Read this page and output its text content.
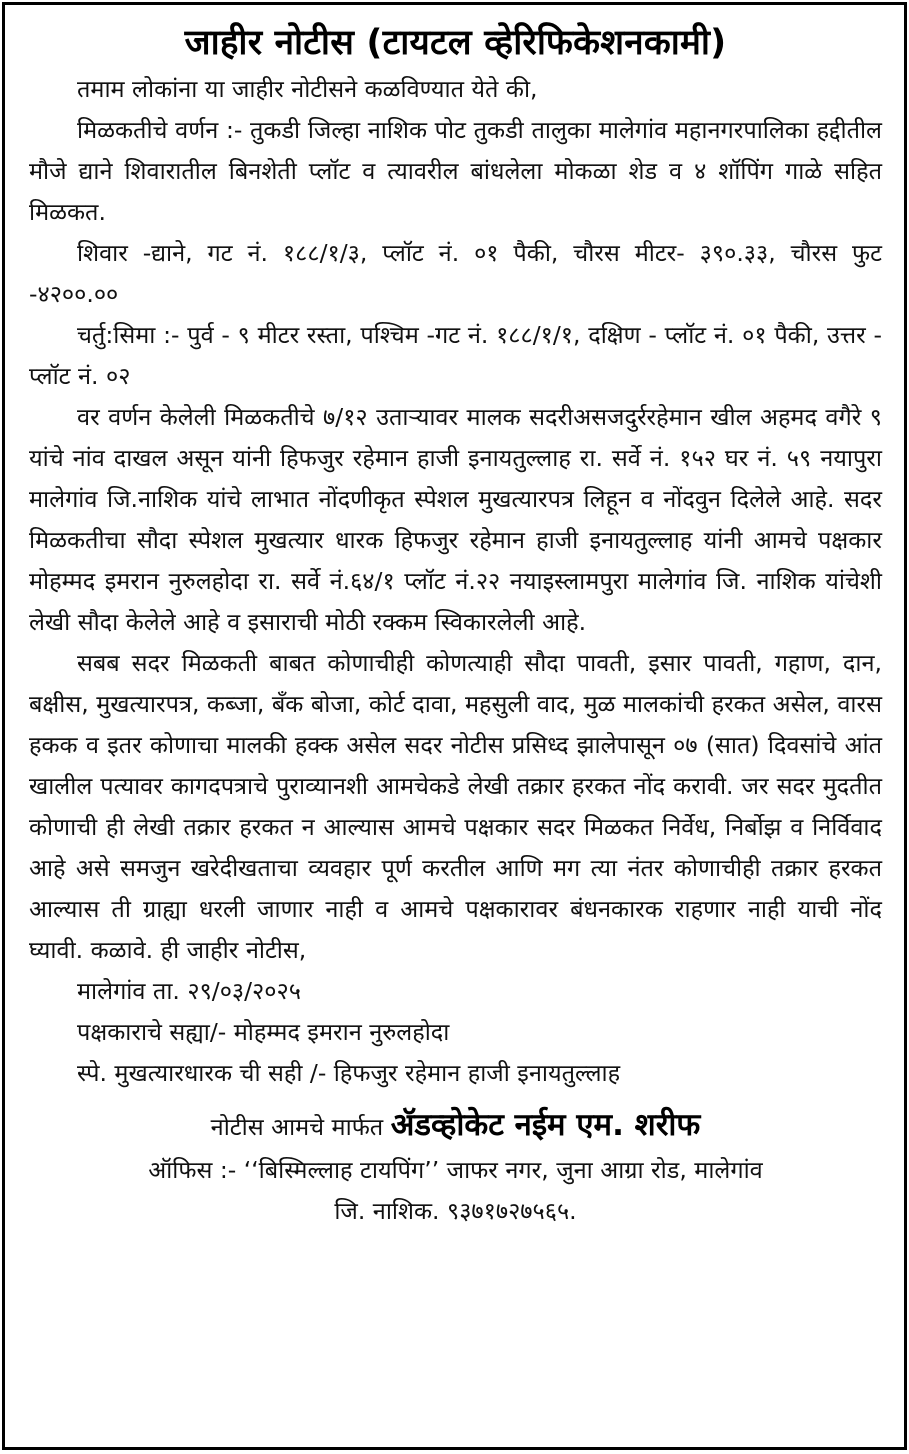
जाहीर नोटीस (टायटल व्हेरिफिकेशनकामी)

तमाम लोकांना या जाहीर नोटीसने कळविण्यात येते की,

मिळकतीचे वर्णन :- तुकडी जिल्हा नाशिक पोट तुकडी तालुका मालेगांव महानगरपालिका हद्दीतील मौजे द्याने शिवारातील बिनशेती प्लॉट व त्यावरील बांधलेला मोकळा शेड व ४ शॉपिंग गाळे सहित मिळकत.

शिवार -द्याने, गट नं. १८८/१/३, प्लॉट नं. ०१ पैकी, चौरस मीटर- ३९०.३३, चौरस फुट -४२००.००

चर्तु:सिमा :- पुर्व - ९ मीटर रस्ता, पश्चिम -गट नं. १८८/१/१, दक्षिण - प्लॉट नं. ०१ पैकी, उत्तर - प्लॉट नं. ०२

वर वर्णन केलेली मिळकतीचे ७/१२ उताऱ्यावर मालक सदरीअसजदुर्ररहेमान खील अहमद वगैरे ९ यांचे नांव दाखल असून यांनी हिफजुर रहेमान हाजी इनायतुल्लाह रा. सर्वे नं. १५२ घर नं. ५९ नयापुरा मालेगांव जि.नाशिक यांचे लाभात नोंदणीकृत स्पेशल मुखत्यारपत्र लिहून व नोंदवुन दिलेले आहे. सदर मिळकतीचा सौदा स्पेशल मुखत्यार धारक हिफजुर रहेमान हाजी इनायतुल्लाह यांनी आमचे पक्षकार मोहम्मद इमरान नुरुलहोदा रा. सर्वे नं.६४/१ प्लॉट नं.२२ नयाइस्लामपुरा मालेगांव जि. नाशिक यांचेशी लेखी सौदा केलेले आहे व इसाराची मोठी रक्कम स्विकारलेली आहे.

सबब सदर मिळकती बाबत कोणाचीही कोणत्याही सौदा पावती, इसार पावती, गहाण, दान, बक्षीस, मुखत्यारपत्र, कब्जा, बँक बोजा, कोर्ट दावा, महसुली वाद, मुळ मालकांची हरकत असेल, वारस हकक व इतर कोणाचा मालकी हक्क असेल सदर नोटीस प्रसिध्द झालेपासून ०७ (सात) दिवसांचे आंत खालील पत्यावर कागदपत्राचे पुराव्यानशी आमचेकडे लेखी तक्रार हरकत नोंद करावी. जर सदर मुदतीत कोणाची ही लेखी तक्रार हरकत न आल्यास आमचे पक्षकार सदर मिळकत निर्वेध, निर्बोझ व निर्विवाद आहे असे समजुन खरेदीखताचा व्यवहार पूर्ण करतील आणि मग त्या नंतर कोणाचीही तक्रार हरकत आल्यास ती ग्राह्या धरली जाणार नाही व आमचे पक्षकारावर बंधनकारक राहणार नाही याची नोंद घ्यावी. कळावे. ही जाहीर नोटीस,

मालेगांव ता. २९/०३/२०२५

पक्षकाराचे सह्या/- मोहम्मद इमरान नुरुलहोदा

स्पे. मुखत्यारधारक ची सही /- हिफजुर रहेमान हाजी इनायतुल्लाह

नोटीस आमचे मार्फत ॲडव्होकेट नईम एम. शरीफ

ऑफिस :- ‘‘बिस्मिल्लाह टायपिंग’’ जाफर नगर, जुना आग्रा रोड, मालेगांव

जि. नाशिक. ९३७१७२७५६५.
